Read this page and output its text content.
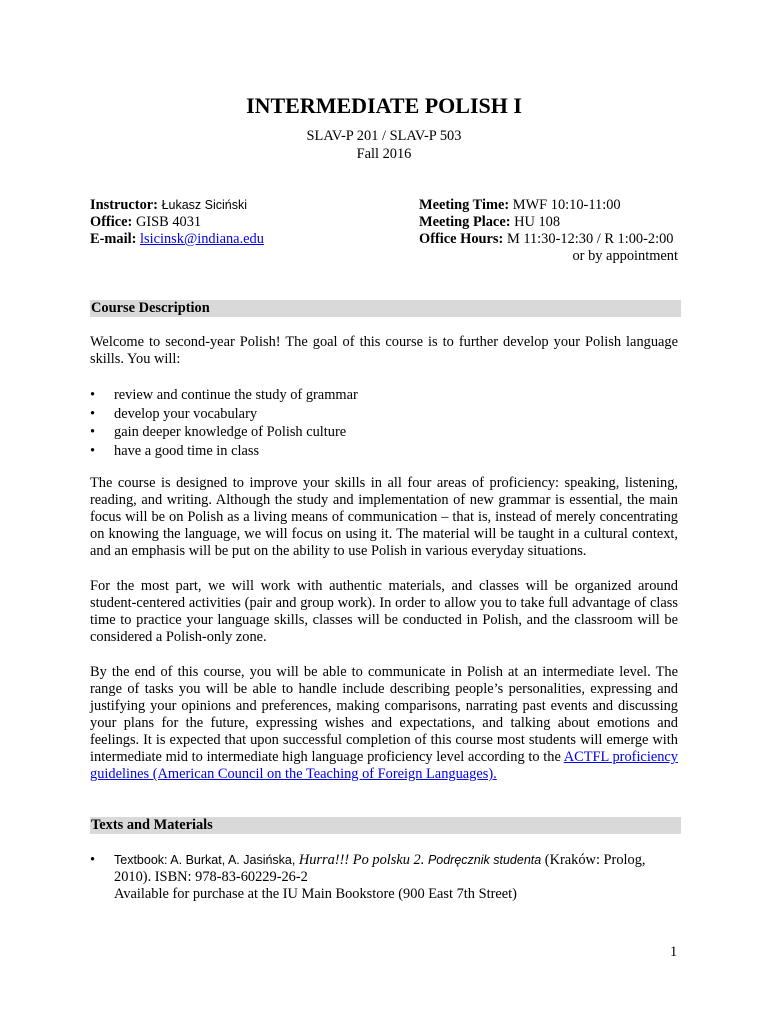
INTERMEDIATE POLISH I
SLAV-P 201 / SLAV-P 503
Fall 2016
Instructor: Łukasz Siciński
Office: GISB 4031
E-mail: lsicinsk@indiana.edu
Meeting Time: MWF 10:10-11:00
Meeting Place: HU 108
Office Hours: M 11:30-12:30 / R 1:00-2:00
or by appointment
Course Description
Welcome to second-year Polish! The goal of this course is to further develop your Polish language skills. You will:
• review and continue the study of grammar
• develop your vocabulary
• gain deeper knowledge of Polish culture
• have a good time in class
The course is designed to improve your skills in all four areas of proficiency: speaking, listening, reading, and writing. Although the study and implementation of new grammar is essential, the main focus will be on Polish as a living means of communication – that is, instead of merely concentrating on knowing the language, we will focus on using it. The material will be taught in a cultural context, and an emphasis will be put on the ability to use Polish in various everyday situations.
For the most part, we will work with authentic materials, and classes will be organized around student-centered activities (pair and group work). In order to allow you to take full advantage of class time to practice your language skills, classes will be conducted in Polish, and the classroom will be considered a Polish-only zone.
By the end of this course, you will be able to communicate in Polish at an intermediate level. The range of tasks you will be able to handle include describing people’s personalities, expressing and justifying your opinions and preferences, making comparisons, narrating past events and discussing your plans for the future, expressing wishes and expectations, and talking about emotions and feelings. It is expected that upon successful completion of this course most students will emerge with intermediate mid to intermediate high language proficiency level according to the ACTFL proficiency guidelines (American Council on the Teaching of Foreign Languages).
Texts and Materials
• Textbook: A. Burkat, A. Jasińska, Hurra!!! Po polsku 2. Podręcznik studenta (Kraków: Prolog,
2010). ISBN: 978-83-60229-26-2
Available for purchase at the IU Main Bookstore (900 East 7th Street)
1
